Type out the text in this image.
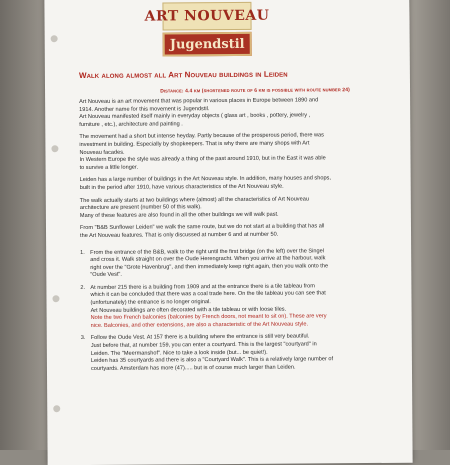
ART NOUVEAU
Jugendstil
Walk along almost all Art Nouveau buildings in Leiden
Distance: 4.4 km (shortened route of 6 km is possible with route number 24)

Art Nouveau is an art movement that was popular in various places in Europe between 1890 and
1914. Another name for this movement is Jugendstil.
Art Nouveau manifested itself mainly in everyday objects ( glass art , books , pottery, jewelry ,
furniture , etc.), architecture and painting .

The movement had a short but intense heyday. Partly because of the prosperous period, there was
investment in building. Especially by shopkeepers. That is why there are many shops with Art
Nouveau facades.
In Western Europe the style was already a thing of the past around 1910, but in the East it was able
to survive a little longer.

Leiden has a large number of buildings in the Art Nouveau style. In addition, many houses and shops,
built in the period after 1910, have various characteristics of the Art Nouveau style.

The walk actually starts at two buildings where (almost) all the characteristics of Art Nouveau
architecture are present (number 50 of this walk).
Many of these features are also found in all the other buildings we will walk past.

From "B&B Sunflower Leiden" we walk the same route, but we do not start at a building that has all
the Art Nouveau features. That is only discussed at number 6 and at number 50.

1. From the entrance of the B&B, walk to the right until the first bridge (on the left) over the Singel
and cross it. Walk straight on over the Oude Herengracht. When you arrive at the harbour, walk
right over the "Grote Havenbrug", and then immediately keep right again, then you walk onto the
"Oude Vest".
2. At number 215 there is a building from 1909 and at the entrance there is a tile tableau from
which it can be concluded that there was a coal trade here. On the tile tableau you can see that
(unfortunately) the entrance is no longer original.
Art Nouveau buildings are often decorated with a tile tableau or with loose tiles.
Note the two French balconies (balconies by French doors, not meant to sit on). These are very
nice. Balconies, and other extensions, are also a characteristic of the Art Nouveau style.
3. Follow the Oude Vest. At 157 there is a building where the entrance is still very beautiful.
Just before that, at number 159, you can enter a courtyard. This is the largest "courtyard" in
Leiden. The "Meermanshof". Nice to take a look inside (but... be quiet!).
Leiden has 35 courtyards and there is also a "Courtyard Walk". This is a relatively large number of
courtyards. Amsterdam has more (47)..... but is of course much larger than Leiden.
